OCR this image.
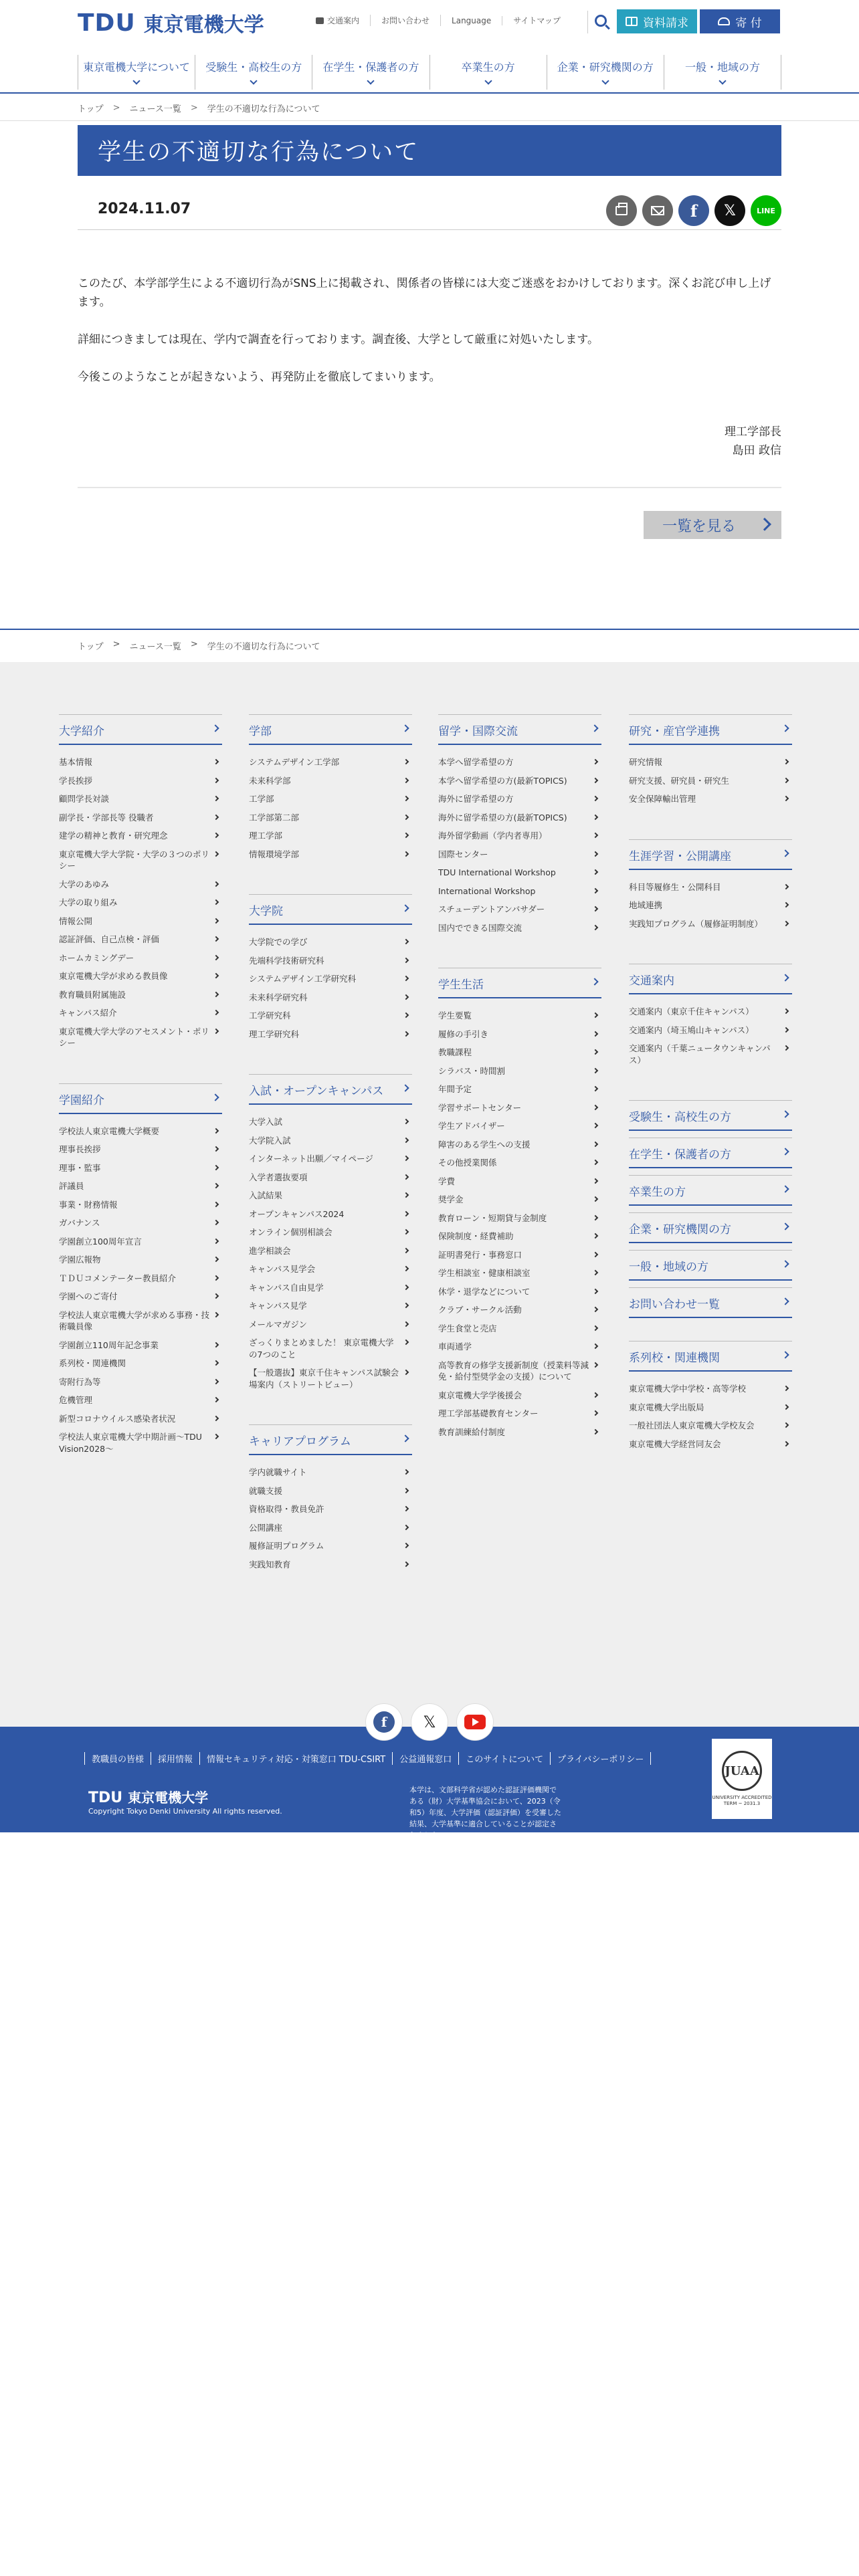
TDU 東京電機大学	交通案内	お問い合わせ	Language	サイトマップ	資料請求	寄 付
東京電機大学について	受験生・高校生の方	在学生・保護者の方	卒業生の方	企業・研究機関の方	一般・地域の方
トップ > ニュース一覧 > 学生の不適切な行為について
学生の不適切な行為について
2024.11.07	f 𝕏	LINE

このたび、本学部学生による不適切行為がSNS上に掲載され、関係者の皆様には大変ご迷惑をおかけしております。深くお詫び申し上げます。

詳細につきましては現在、学内で調査を行っております。調査後、大学として厳重に対処いたします。

今後このようなことが起きないよう、再発防止を徹底してまいります。

理工学部長
島田 政信
一覧を見る
トップ > ニュース一覧 > 学生の不適切な行為について
大学紹介
基本情報
学長挨拶
顧問学長対談
副学長・学部長等 役職者
建学の精神と教育・研究理念
東京電機大学大学院・大学の３つのポリシー
大学のあゆみ
大学の取り組み
情報公開
認証評価、自己点検・評価
ホームカミングデー
東京電機大学が求める教員像
教育職員附属施設
キャンパス紹介
東京電機大学大学のアセスメント・ポリシー
学園紹介
学校法人東京電機大学概要
理事長挨拶
理事・監事
評議員
事業・財務情報
ガバナンス
学園創立100周年宣言
学園広報物
ＴＤＵコメンテーター教員紹介
学園へのご寄付
学校法人東京電機大学が求める事務・技術職員像
学園創立110周年記念事業
系列校・関連機関
寄附行為等
危機管理
新型コロナウイルス感染者状況
学校法人東京電機大学中期計画〜TDU Vision2028〜
学部
システムデザイン工学部
未来科学部
工学部
工学部第二部
理工学部
情報環境学部
大学院
大学院での学び
先端科学技術研究科
システムデザイン工学研究科
未来科学研究科
工学研究科
理工学研究科
入試・オープンキャンパス
大学入試
大学院入試
インターネット出願／マイページ
入学者選抜要項
入試結果
オープンキャンパス2024
オンライン個別相談会
進学相談会
キャンパス見学会
キャンパス自由見学
キャンパス見学
メールマガジン
ざっくりまとめました！ 東京電機大学の7つのこと
【一般選抜】東京千住キャンパス試験会場案内（ストリートビュー）
キャリアプログラム
学内就職サイト
就職支援
資格取得・教員免許
公開講座
履修証明プログラム
実践知教育
留学・国際交流
本学へ留学希望の方
本学へ留学希望の方(最新TOPICS)
海外に留学希望の方
海外に留学希望の方(最新TOPICS)
海外留学動画（学内者専用）
国際センター
TDU International Workshop
International Workshop
スチューデントアンバサダー
国内でできる国際交流
学生生活
学生要覧
履修の手引き
教職課程
シラバス・時間割
年間予定
学習サポートセンター
学生アドバイザー
障害のある学生への支援
その他授業関係
学費
奨学金
教育ローン・短期貸与金制度
保険制度・経費補助
証明書発行・事務窓口
学生相談室・健康相談室
休学・退学などについて
クラブ・サークル活動
学生食堂と売店
車両通学
高等教育の修学支援新制度（授業料等減免・給付型奨学金の支援）について
東京電機大学学後援会
理工学部基礎教育センター
教育訓練給付制度
研究・産官学連携
研究情報
研究支援、研究員・研究生
安全保障輸出管理
生涯学習・公開講座
科目等履修生・公開科目
地域連携
実践知プログラム（履修証明制度）
交通案内
交通案内（東京千住キャンパス）
交通案内（埼玉鳩山キャンパス）
交通案内（千葉ニュータウンキャンパス）
受験生・高校生の方
在学生・保護者の方
卒業生の方
企業・研究機関の方
一般・地域の方
お問い合わせ一覧
系列校・関連機関
東京電機大学中学校・高等学校
東京電機大学出版局
一般社団法人東京電機大学校友会
東京電機大学経営同友会
教職員の皆様	採用情報	情報セキュリティ対応・対策窓口 TDU-CSIRT	公益通報窓口	このサイトについて	プライバシーポリシー
TDU 東京電機大学
Copyright Tokyo Denki University All rights reserved.
本学は、文部科学省が認めた認証評価機関である（財）大学基準協会において、2023（令和5）年度、大学評価（認証評価）を受審した結果、大学基準に適合していることが認定されました。
JUAA
UNIVERSITY ACCREDITED TERM ~ 2031.3
f	𝕏
